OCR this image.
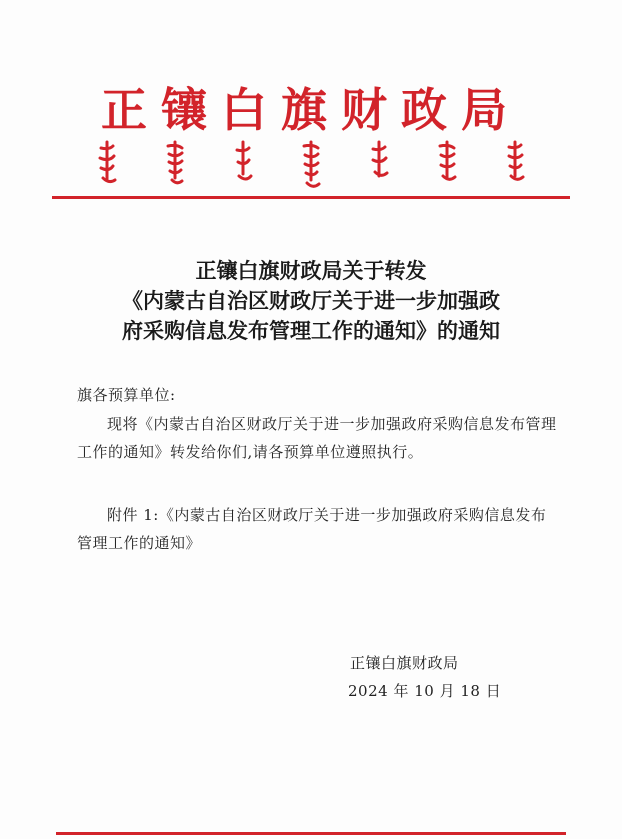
正镶白旗财政局
正镶白旗财政局关于转发
《内蒙古自治区财政厅关于进一步加强政
府采购信息发布管理工作的通知》的通知
旗各预算单位:
现将《内蒙古自治区财政厅关于进一步加强政府采购信息发布管理工作的通知》转发给你们,请各预算单位遵照执行。
附件 1:《内蒙古自治区财政厅关于进一步加强政府采购信息发布管理工作的通知》
正镶白旗财政局
2024 年 10 月 18 日
